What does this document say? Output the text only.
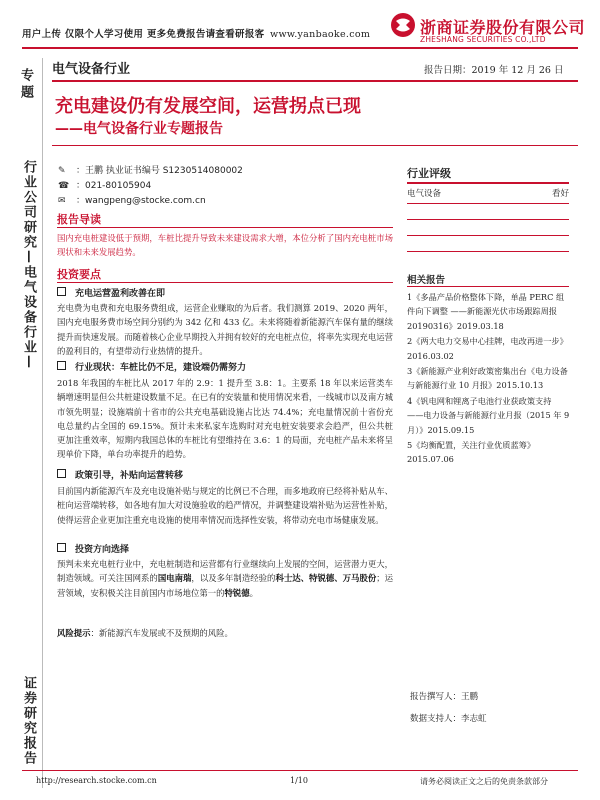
用户上传 仅限个人学习使用 更多免费报告请查看研报客 www.yanbaoke.com	浙商证券股份有限公司
ZHESHANG SECURITIES CO.,LTD
专题
行业公司研究—电气设备行业—
证券研究报告
电气设备行业	报告日期：2019 年 12 月 26 日
充电建设仍有发展空间，运营拐点已现
——电气设备行业专题报告
✎ ：王鹏 执业证书编号 S1230514080002
☎ ：021-80105904
✉ ：wangpeng@stocke.com.cn
报告导读
国内充电桩建设低于预期，车桩比提升导致未来建设需求大增，本位分析了国内充电桩市场现状和未来发展趋势。
投资要点
充电运营盈利改善在即
充电费为电费和充电服务费组成，运营企业赚取的为后者。我们测算 2019、2020 两年，国内充电服务费市场空间分别约为 342 亿和 433 亿。未来将随着新能源汽车保有量的继续提升而快速发展。而随着核心企业早期投入并拥有较好的充电桩点位，将率先实现充电运营的盈利目的，有望带动行业热情的提升。
行业现状：车桩比仍不足，建设端仍需努力
2018 年我国的车桩比从 2017 年的 2.9：1 提升至 3.8：1。主要系 18 年以来运营类车辆增速明显但公共桩建设数量不足。在已有的安装量和使用情况来看，一线城市以及南方城市领先明显；设施端前十省市的公共充电基础设施占比达 74.4%；充电量情况前十省份充电总量约占全国的 69.15%。预计未来私家车选购时对充电桩安装要求会趋严，但公共桩更加注重效率，短期内我国总体的车桩比有望维持在 3.6：1 的局面，充电桩产品未来将呈现单价下降，单台功率提升的趋势。
政策引导，补贴向运营转移
目前国内新能源汽车及充电设施补贴与规定的比例已不合理，而多地政府已经将补贴从车、桩向运营端转移，如各地有加大对设施验收的趋严情况，并调整建设端补贴为运营性补贴，使得运营企业更加注重充电设施的使用率情况而选择性安装，将带动充电市场健康发展。
投资方向选择
预判未来充电桩行业中，充电桩制造和运营都有行业继续向上发展的空间，运营潜力更大，制造领域。可关注国网系的国电南瑞，以及多年制造经验的科士达、特锐德、万马股份；运营领域，安积极关注目前国内市场地位第一的特锐德。
风险提示：新能源汽车发展或不及预期的风险。
行业评级
电气设备	看好
相关报告
1《多晶产品价格整体下降，单晶 PERC 组件向下调整 ——新能源光伏市场跟踪周报 20190316》2019.03.18
2《两大电力交易中心挂牌，电改再进一步》2016.03.02
3《新能源产业利好政策密集出台《电力设备与新能源行业 10 月报》2015.10.13
4《钒电网和锂离子电池行业获政策支持 ——电力设备与新能源行业月报（2015 年 9 月）》2015.09.15
5《均衡配置，关注行业优质蓝筹》2015.07.06
报告撰写人：王鹏
数据支持人：李志虹
http://research.stocke.com.cn	1/10	请务必阅读正文之后的免责条款部分
